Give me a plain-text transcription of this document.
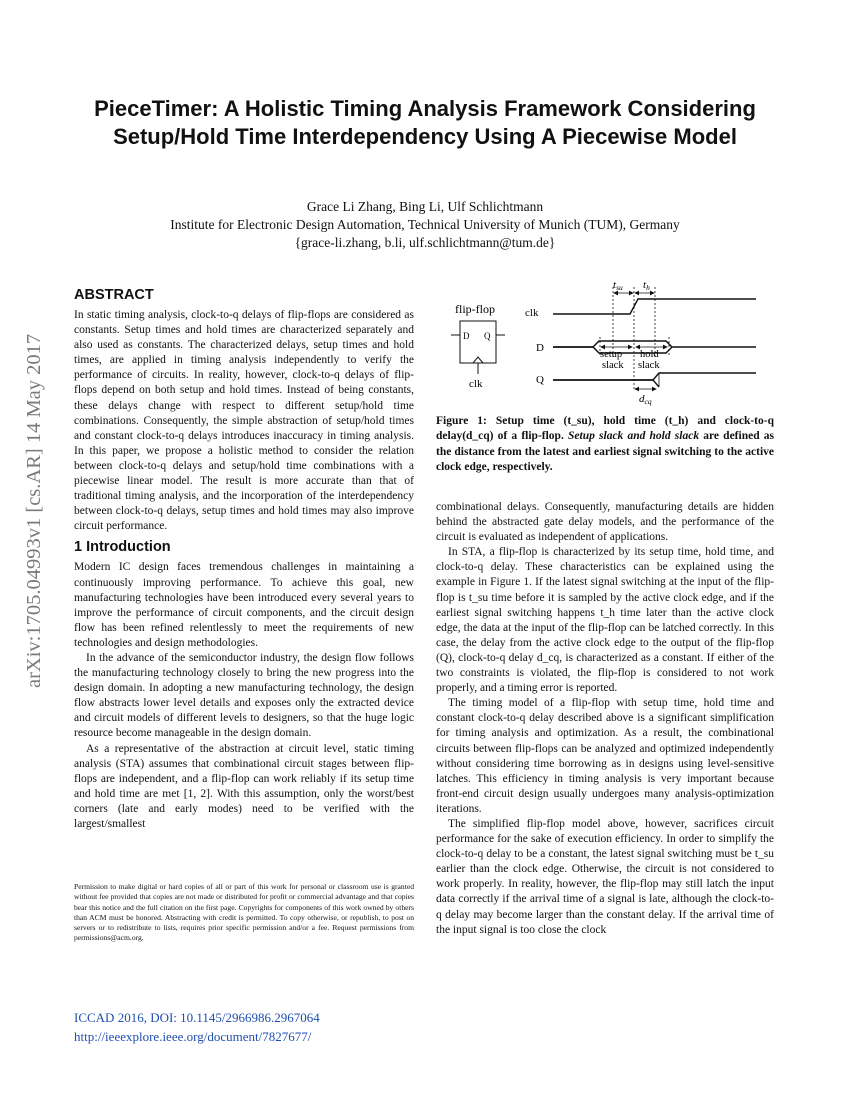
PieceTimer: A Holistic Timing Analysis Framework Considering Setup/Hold Time Interdependency Using A Piecewise Model
Grace Li Zhang, Bing Li, Ulf Schlichtmann
Institute for Electronic Design Automation, Technical University of Munich (TUM), Germany
{grace-li.zhang, b.li, ulf.schlichtmann@tum.de}
arXiv:1705.04993v1 [cs.AR] 14 May 2017
ABSTRACT

In static timing analysis, clock-to-q delays of flip-flops are considered as constants. Setup times and hold times are characterized separately and also used as constants. The characterized delays, setup times and hold times, are applied in timing analysis independently to verify the performance of circuits. In reality, however, clock-to-q delays of flip-flops depend on both setup and hold times. Instead of being constants, these delays change with respect to different setup/hold time combinations. Consequently, the simple abstraction of setup/hold times and constant clock-to-q delays introduces inaccuracy in timing analysis. In this paper, we propose a holistic method to consider the relation between clock-to-q delays and setup/hold time combinations with a piecewise linear model. The result is more accurate than that of traditional timing analysis, and the incorporation of the interdependency between clock-to-q delays, setup times and hold times may also improve circuit performance.

1 Introduction

Modern IC design faces tremendous challenges in maintaining a continuously improving performance. To achieve this goal, new manufacturing technologies have been introduced every several years to improve the performance of circuit components, and the circuit design flow has been refined relentlessly to meet the requirements of new technologies and design methodologies.

In the advance of the semiconductor industry, the design flow follows the manufacturing technology closely to bring the new progress into the design domain. In adopting a new manufacturing technology, the design flow abstracts lower level details and exposes only the extracted device and circuit models of different levels to designers, so that the huge logic resource become manageable in the design domain.

As a representative of the abstraction at circuit level, static timing analysis (STA) assumes that combinational circuit stages between flip-flops are independent, and a flip-flop can work reliably if its setup time and hold time are met [1, 2]. With this assumption, only the worst/best corners (late and early modes) need to be verified with the largest/smallest

Permission to make digital or hard copies of all or part of this work for personal or classroom use is granted without fee provided that copies are not made or distributed for profit or commercial advantage and that copies bear this notice and the full citation on the first page. Copyrights for components of this work owned by others than ACM must be honored. Abstracting with credit is permitted. To copy otherwise, or republish, to post on servers or to redistribute to lists, requires prior specific permission and/or a fee. Request permissions from permissions@acm.org.

ICCAD 2016, DOI: 10.1145/2966986.2967064
http://ieeexplore.ieee.org/document/7827677/
flip-flop
D Q
clk
clk
D
Q
tsu th
setup
slack
hold
slack
dcq
Figure 1: Setup time (t_su), hold time (t_h) and clock-to-q delay(d_cq) of a flip-flop. Setup slack and hold slack are defined as the distance from the latest and earliest signal switching to the active clock edge, respectively.

combinational delays. Consequently, manufacturing details are hidden behind the abstracted gate delay models, and the performance of the circuit is evaluated as independent of applications.

In STA, a flip-flop is characterized by its setup time, hold time, and clock-to-q delay. These characteristics can be explained using the example in Figure 1. If the latest signal switching at the input of the flip-flop is t_su time before it is sampled by the active clock edge, and if the earliest signal switching happens t_h time later than the active clock edge, the data at the input of the flip-flop can be latched correctly. In this case, the delay from the active clock edge to the output of the flip-flop (Q), clock-to-q delay d_cq, is characterized as a constant. If either of the two constraints is violated, the flip-flop is considered to not work properly, and a timing error is reported.

The timing model of a flip-flop with setup time, hold time and constant clock-to-q delay described above is a significant simplification for timing analysis and optimization. As a result, the combinational circuits between flip-flops can be analyzed and optimized independently without considering time borrowing as in designs using level-sensitive latches. This efficiency in timing analysis is very important because front-end circuit design usually undergoes many analysis-optimization iterations.

The simplified flip-flop model above, however, sacrifices circuit performance for the sake of execution efficiency. In order to simplify the clock-to-q delay to be a constant, the latest signal switching must be t_su earlier than the clock edge. Otherwise, the circuit is not considered to work properly. In reality, however, the flip-flop may still latch the input data correctly if the arrival time of a signal is late, although the clock-to-q delay may become larger than the constant delay. If the arrival time of the input signal is too close the clock
